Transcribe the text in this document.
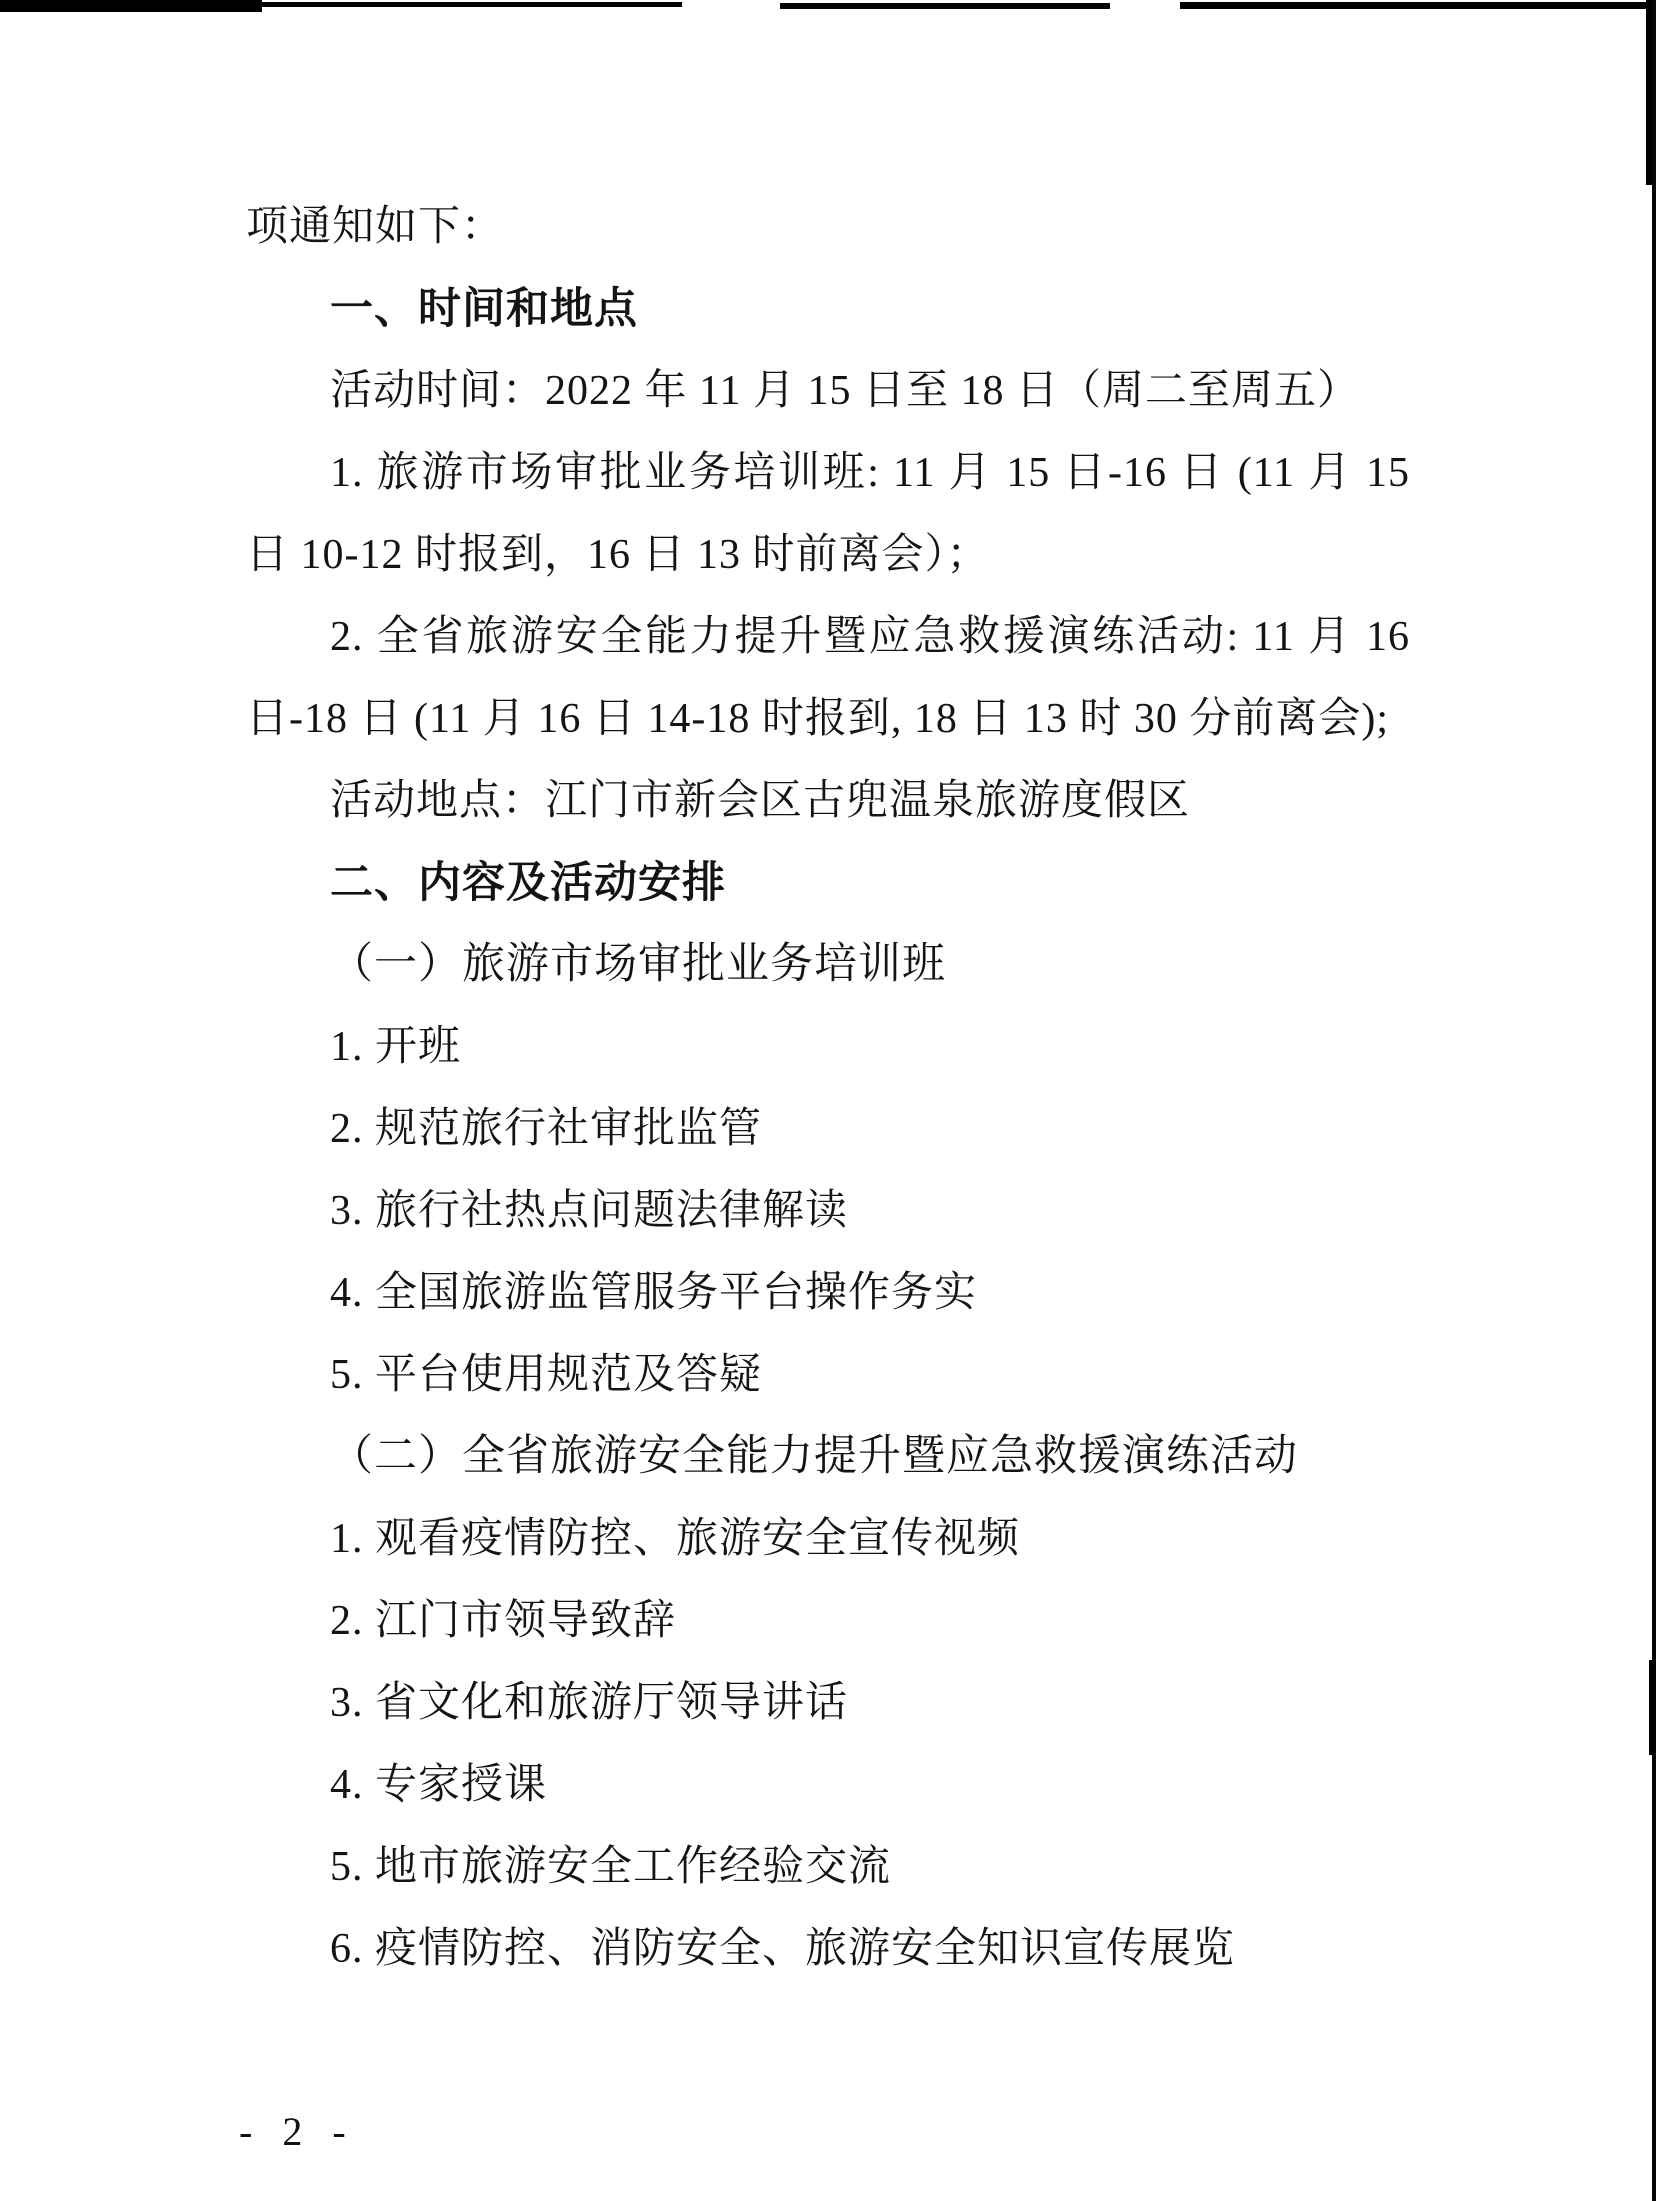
项通知如下：
一、时间和地点
活动时间：2022 年 11 月 15 日至 18 日（周二至周五）
1. 旅游市场审批业务培训班: 11 月 15 日-16 日 (11 月 15
日 10-12 时报到，16 日 13 时前离会）；
2. 全省旅游安全能力提升暨应急救援演练活动: 11 月 16
日-18 日 (11 月 16 日 14-18 时报到, 18 日 13 时 30 分前离会);
活动地点：江门市新会区古兜温泉旅游度假区
二、内容及活动安排
（一）旅游市场审批业务培训班
1. 开班
2. 规范旅行社审批监管
3. 旅行社热点问题法律解读
4. 全国旅游监管服务平台操作务实
5. 平台使用规范及答疑
（二）全省旅游安全能力提升暨应急救援演练活动
1. 观看疫情防控、旅游安全宣传视频
2. 江门市领导致辞
3. 省文化和旅游厅领导讲话
4. 专家授课
5. 地市旅游安全工作经验交流
6. 疫情防控、消防安全、旅游安全知识宣传展览
- 2 -
